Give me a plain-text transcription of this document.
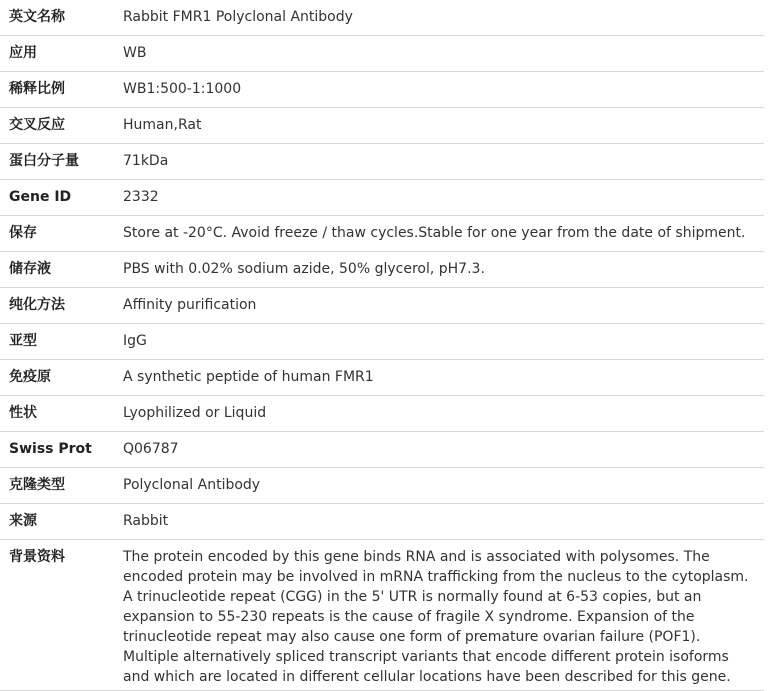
英文名称	Rabbit FMR1 Polyclonal Antibody
应用	WB
稀释比例	WB1:500-1:1000
交叉反应	Human,Rat
蛋白分子量	71kDa
Gene ID	2332
保存	Store at -20°C. Avoid freeze / thaw cycles.Stable for one year from the date of shipment.
储存液	PBS with 0.02% sodium azide, 50% glycerol, pH7.3.
纯化方法	Affinity purification
亚型	IgG
免疫原	A synthetic peptide of human FMR1
性状	Lyophilized or Liquid
Swiss Prot	Q06787
克隆类型	Polyclonal Antibody
来源	Rabbit
背景资料	The protein encoded by this gene binds RNA and is associated with polysomes. The encoded protein may be involved in mRNA trafficking from the nucleus to the cytoplasm. A trinucleotide repeat (CGG) in the 5' UTR is normally found at 6-53 copies, but an expansion to 55-230 repeats is the cause of fragile X syndrome. Expansion of the trinucleotide repeat may also cause one form of premature ovarian failure (POF1). Multiple alternatively spliced transcript variants that encode different protein isoforms and which are located in different cellular locations have been described for this gene.
